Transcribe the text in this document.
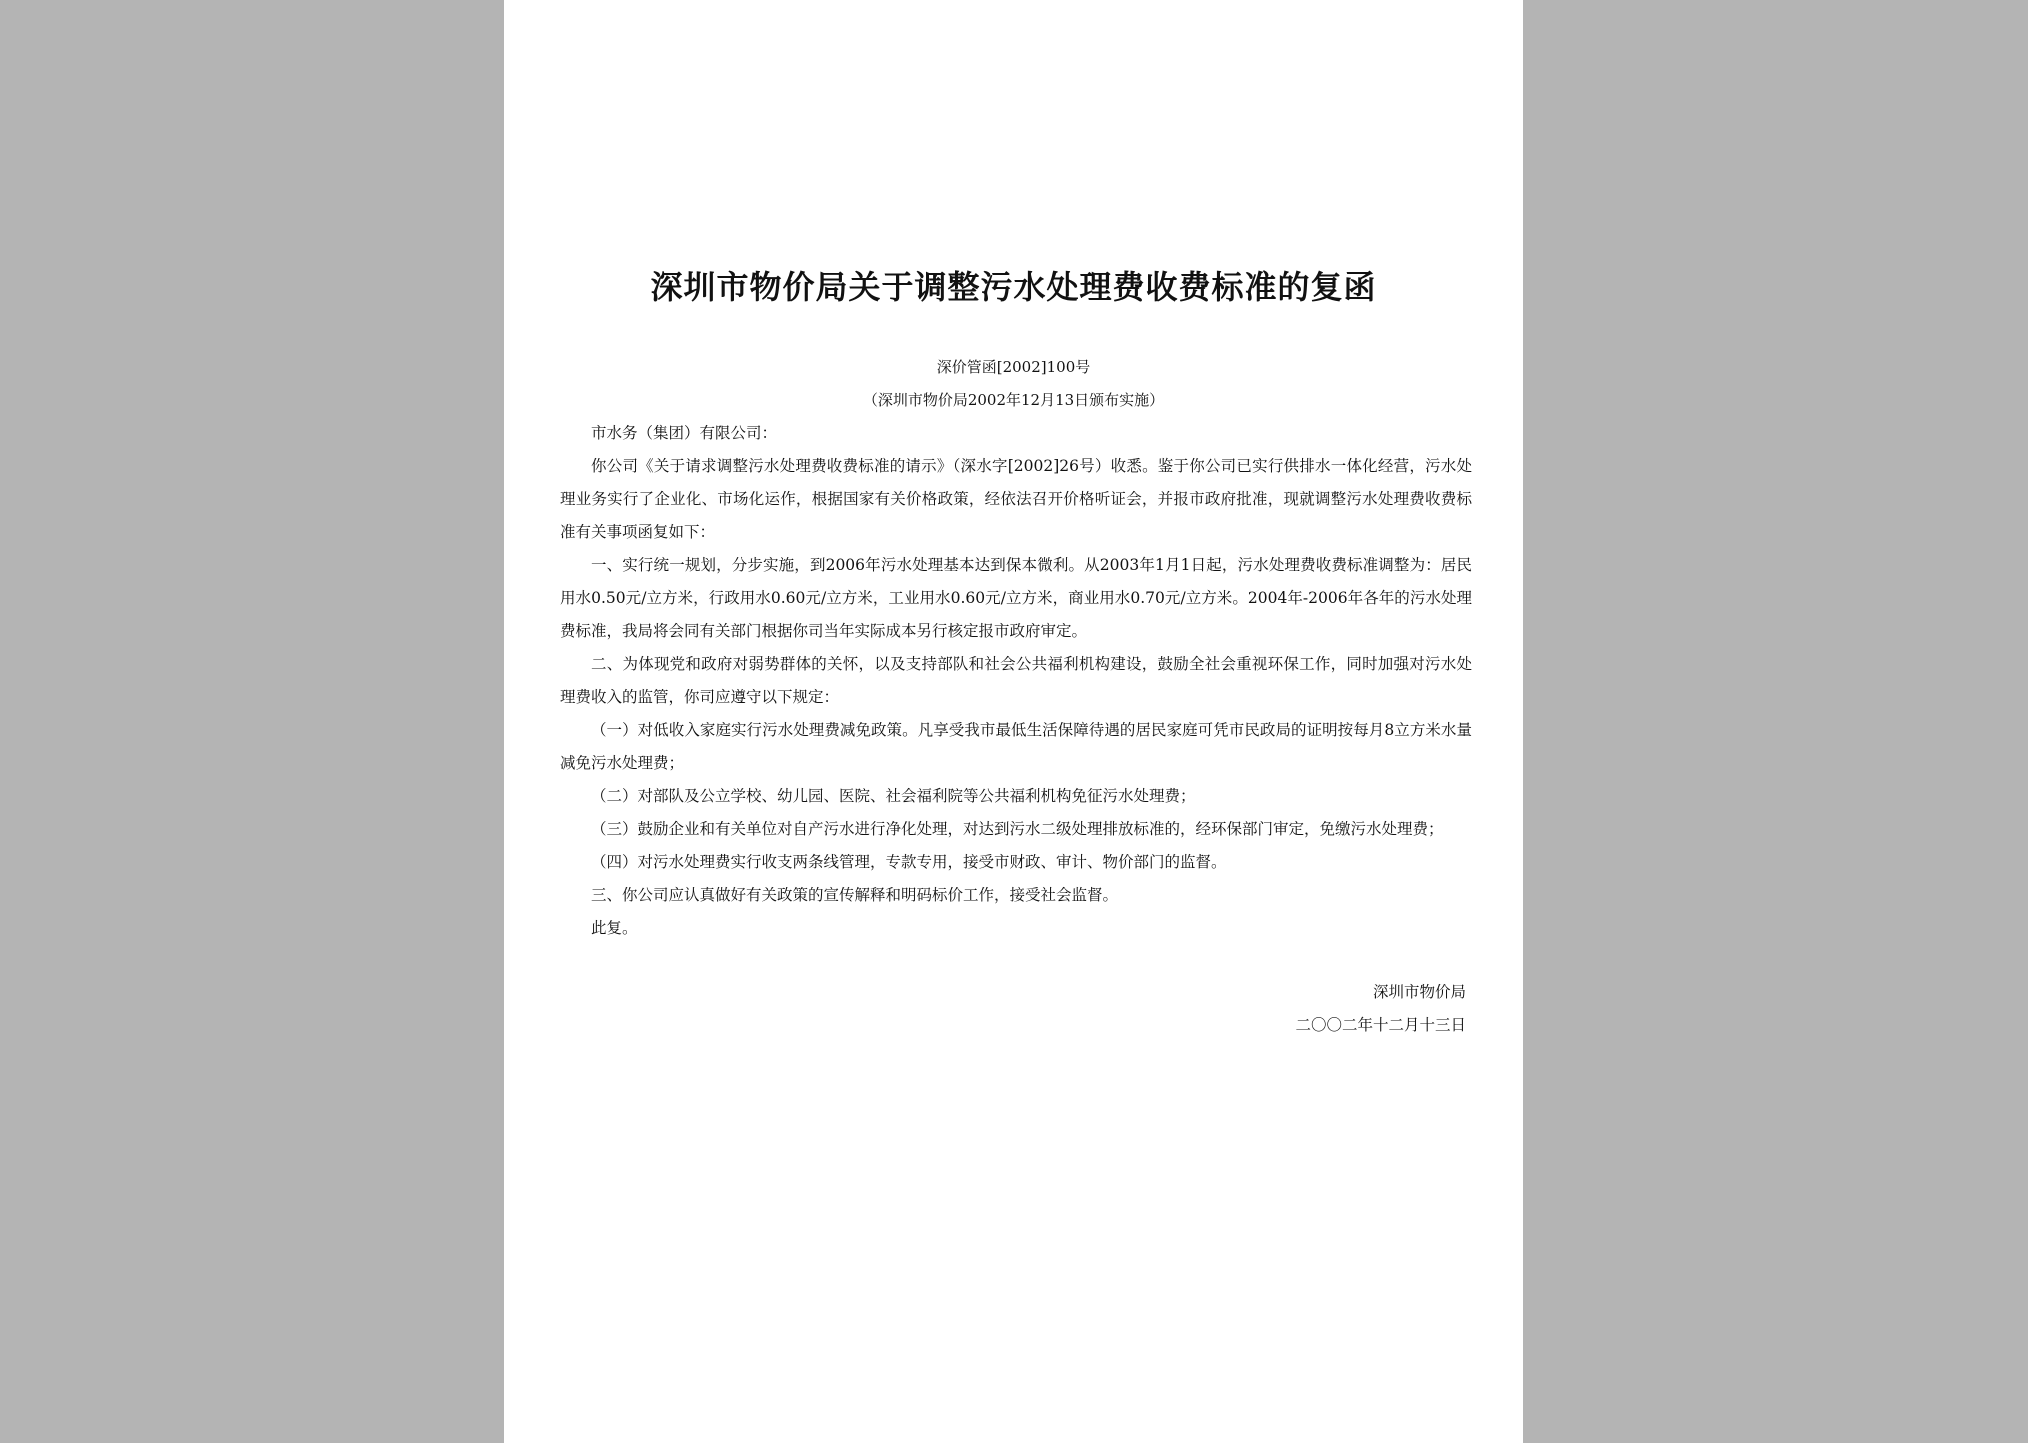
深圳市物价局关于调整污水处理费收费标准的复函
深价管函[2002]100号
（深圳市物价局2002年12月13日颁布实施）

市水务（集团）有限公司：

你公司《关于请求调整污水处理费收费标准的请示》（深水字[2002]26号）收悉。鉴于你公司已实行供排水一体化经营，污水处理业务实行了企业化、市场化运作，根据国家有关价格政策，经依法召开价格听证会，并报市政府批准，现就调整污水处理费收费标准有关事项函复如下：

一、实行统一规划，分步实施，到2006年污水处理基本达到保本微利。从2003年1月1日起，污水处理费收费标准调整为：居民用水0.50元/立方米，行政用水0.60元/立方米，工业用水0.60元/立方米，商业用水0.70元/立方米。2004年-2006年各年的污水处理费标准，我局将会同有关部门根据你司当年实际成本另行核定报市政府审定。

二、为体现党和政府对弱势群体的关怀，以及支持部队和社会公共福利机构建设，鼓励全社会重视环保工作，同时加强对污水处理费收入的监管，你司应遵守以下规定：

（一）对低收入家庭实行污水处理费减免政策。凡享受我市最低生活保障待遇的居民家庭可凭市民政局的证明按每月8立方米水量减免污水处理费；

（二）对部队及公立学校、幼儿园、医院、社会福利院等公共福利机构免征污水处理费；

（三）鼓励企业和有关单位对自产污水进行净化处理，对达到污水二级处理排放标准的，经环保部门审定，免缴污水处理费；

（四）对污水处理费实行收支两条线管理，专款专用，接受市财政、审计、物价部门的监督。

三、你公司应认真做好有关政策的宣传解释和明码标价工作，接受社会监督。

此复。

深圳市物价局
二〇〇二年十二月十三日
